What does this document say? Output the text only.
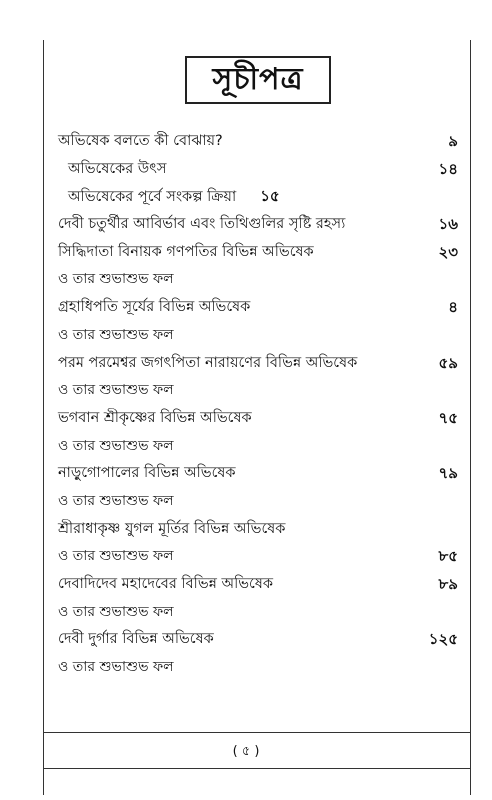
সূচীপত্র
অভিষেক বলতে কী বোঝায়?	৯
অভিষেকের উৎস	১৪
অভিষেকের পূর্বে সংকল্প ক্রিয়া ১৫
দেবী চতুর্থীর আবির্ভাব এবং তিথিগুলির সৃষ্টি রহস্য	১৬
সিদ্ধিদাতা বিনায়ক গণপতির বিভিন্ন অভিষেক	২৩
ও তার শুভাশুভ ফল
গ্রহাধিপতি সূর্যের বিভিন্ন অভিষেক	৪
ও তার শুভাশুভ ফল
পরম পরমেশ্বর জগৎপিতা নারায়ণের বিভিন্ন অভিষেক	৫৯
ও তার শুভাশুভ ফল
ভগবান শ্রীকৃষ্ণের বিভিন্ন অভিষেক	৭৫
ও তার শুভাশুভ ফল
নাড়ুগোপালের বিভিন্ন অভিষেক	৭৯
ও তার শুভাশুভ ফল
শ্রীরাধাকৃষ্ণ যুগল মূর্তির বিভিন্ন অভিষেক
ও তার শুভাশুভ ফল	৮৫
দেবাদিদেব মহাদেবের বিভিন্ন অভিষেক	৮৯
ও তার শুভাশুভ ফল
দেবী দুর্গার বিভিন্ন অভিষেক	১২৫
ও তার শুভাশুভ ফল
( ৫ )
